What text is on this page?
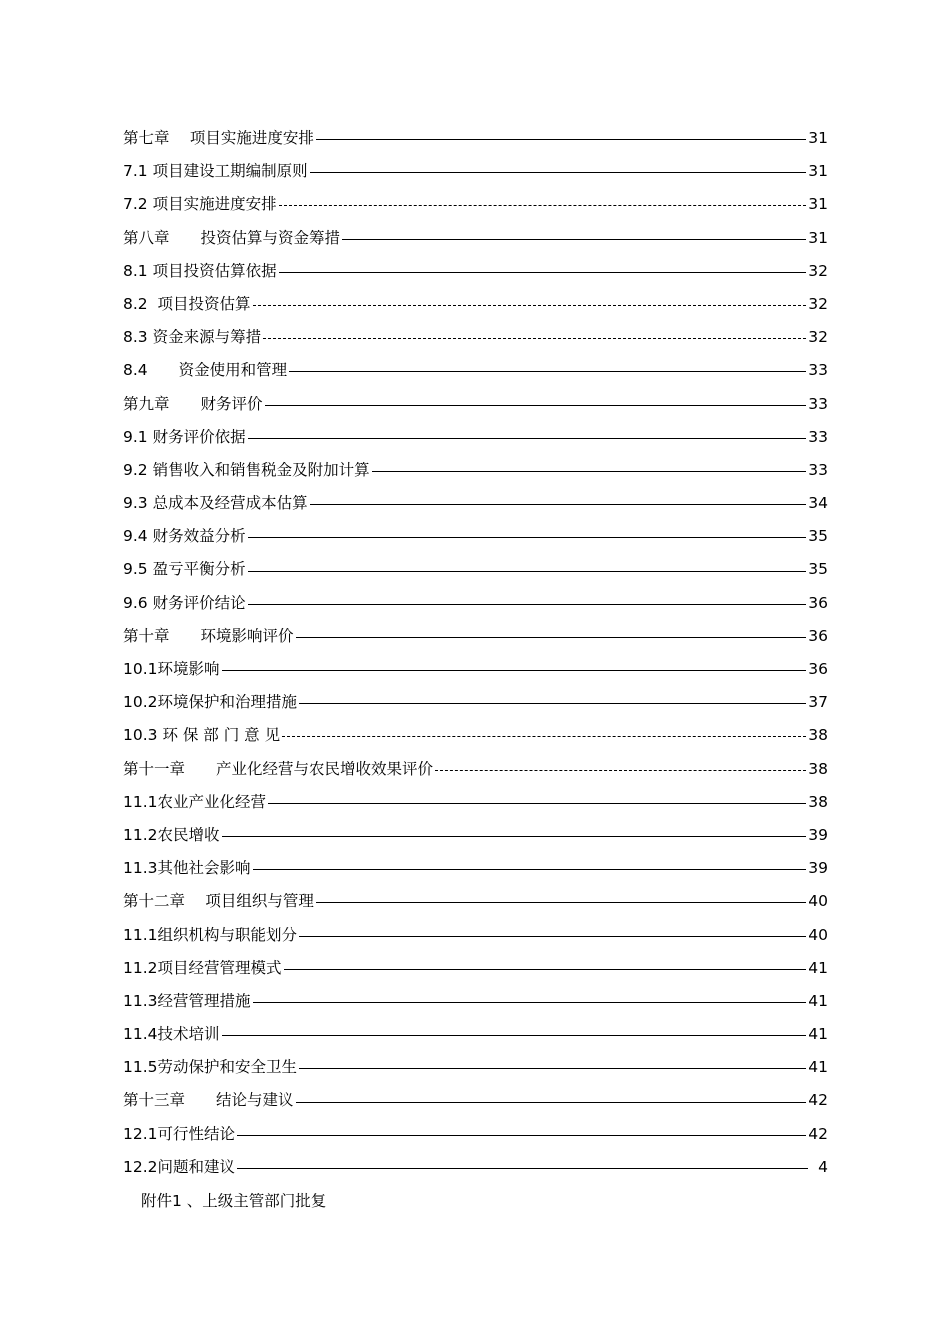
第七章　 项目实施进度安排	31
7.1 项目建设工期编制原则	31
7.2 项目实施进度安排	31
第八章　　投资估算与资金筹措	31
8.1 项目投资估算依据	32
8.2  项目投资估算	32
8.3 资金来源与筹措	32
8.4　　资金使用和管理	33
第九章　　财务评价	33
9.1 财务评价依据	33
9.2 销售收入和销售税金及附加计算	33
9.3 总成本及经营成本估算	34
9.4 财务效益分析	35
9.5 盈亏平衡分析	35
9.6 财务评价结论	36
第十章　　环境影响评价	36
10.1环境影响	36
10.2环境保护和治理措施	37
10.3 环 保 部 门 意 见	38
第十一章　　产业化经营与农民增收效果评价	38
11.1农业产业化经营	38
11.2农民增收	39
11.3其他社会影响	39
第十二章　 项目组织与管理	40
11.1组织机构与职能划分	40
11.2项目经营管理模式	41
11.3经营管理措施	41
11.4技术培训	41
11.5劳动保护和安全卫生	41
第十三章　　结论与建议	42
12.1可行性结论	42
12.2问题和建议	4
附件1 、上级主管部门批复
